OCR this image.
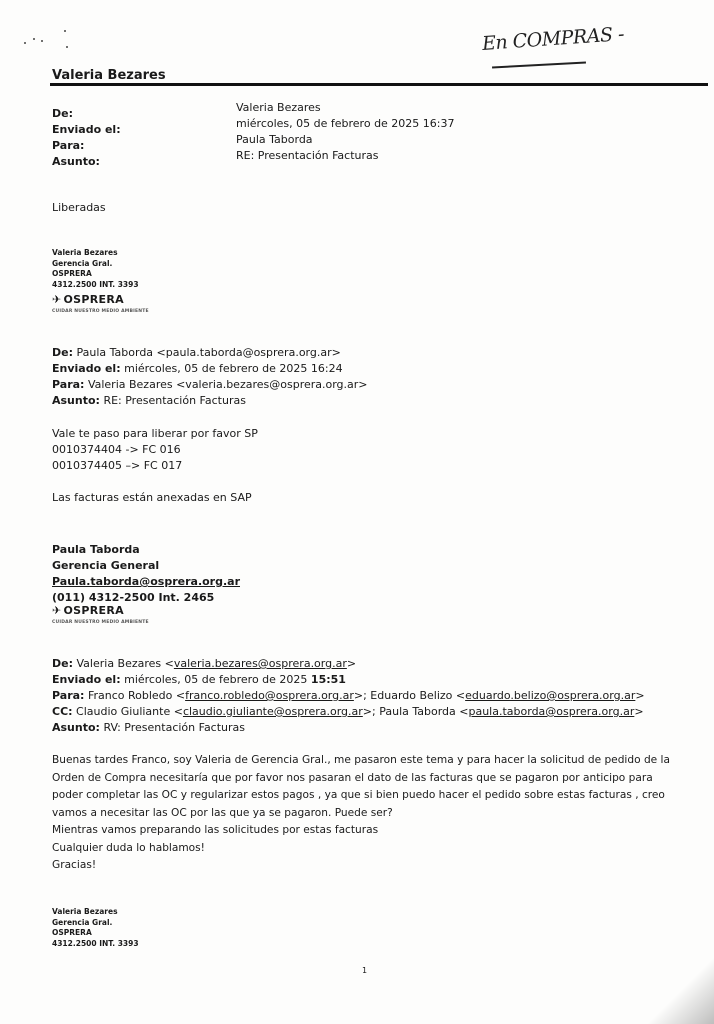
En COMPRAS -
Valeria Bezares
De:
Enviado el:
Para:
Asunto:
Valeria Bezares
miércoles, 05 de febrero de 2025 16:37
Paula Taborda
RE: Presentación Facturas
Liberadas
Valeria Bezares
Gerencia Gral.
OSPRERA
4312.2500 INT. 3393
✈ OSPRERA
CUIDAR NUESTRO MEDIO AMBIENTE
De: Paula Taborda <paula.taborda@osprera.org.ar>
Enviado el: miércoles, 05 de febrero de 2025 16:24
Para: Valeria Bezares <valeria.bezares@osprera.org.ar>
Asunto: RE: Presentación Facturas
Vale te paso para liberar por favor SP
0010374404 -> FC 016
0010374405 –> FC 017
Las facturas están anexadas en SAP
Paula Taborda
Gerencia General
Paula.taborda@osprera.org.ar
(011) 4312-2500 Int. 2465
✈ OSPRERA
CUIDAR NUESTRO MEDIO AMBIENTE
De: Valeria Bezares <valeria.bezares@osprera.org.ar>
Enviado el: miércoles, 05 de febrero de 2025 15:51
Para: Franco Robledo <franco.robledo@osprera.org.ar>; Eduardo Belizo <eduardo.belizo@osprera.org.ar>
CC: Claudio Giuliante <claudio.giuliante@osprera.org.ar>; Paula Taborda <paula.taborda@osprera.org.ar>
Asunto: RV: Presentación Facturas
Buenas tardes Franco, soy Valeria de Gerencia Gral., me pasaron este tema y para hacer la solicitud de pedido de la
Orden de Compra necesitaría que por favor nos pasaran el dato de las facturas que se pagaron por anticipo para
poder completar las OC y regularizar estos pagos , ya que si bien puedo hacer el pedido sobre estas facturas , creo
vamos a necesitar las OC por las que ya se pagaron. Puede ser?
Mientras vamos preparando las solicitudes por estas facturas
Cualquier duda lo hablamos!
Gracias!
Valeria Bezares
Gerencia Gral.
OSPRERA
4312.2500 INT. 3393
1
